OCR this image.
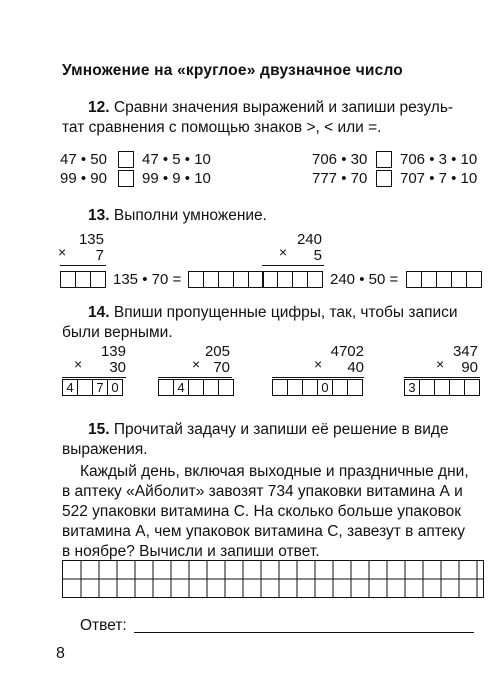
Умножение на «круглое» двузначное число
12. Сравни значения выражений и запиши резуль-
тат сравнения с помощью знаков >, < или =.
47 • 50 47 • 5 • 10
99 • 90 99 • 9 • 10
706 • 30 706 • 3 • 10
777 • 70 707 • 7 • 10
13. Выполни умножение.
135
7
×
135 • 70 =
240
5
×
240 • 50 =
14. Впиши пропущенные цифры, так, чтобы записи
были верными.
139
30
×
4	7 0
205
70
×
4
4702
40
×
0
347
90
×
3
15. Прочитай задачу и запиши её решение в виде
выражения.
Каждый день, включая выходные и праздничные дни,
в аптеку «Айболит» завозят 734 упаковки витамина А и
522 упаковки витамина С. На сколько больше упаковок
витамина А, чем упаковок витамина С, завезут в аптеку
в ноябре? Вычисли и запиши ответ.
Ответ:
8
